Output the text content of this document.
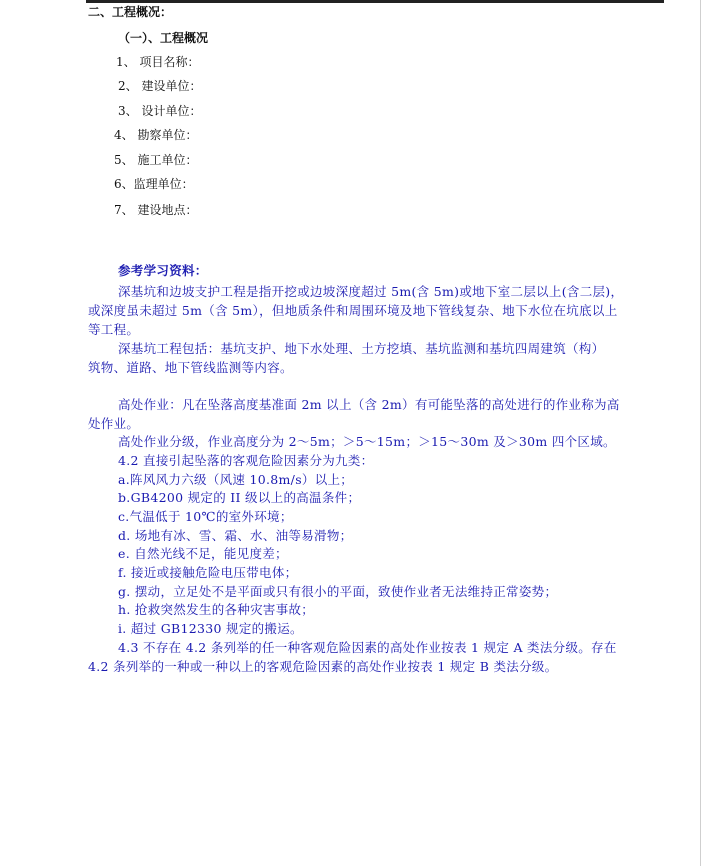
二、工程概况：
（一）、工程概况
1、 项目名称：
2、 建设单位：
3、 设计单位：
4、 勘察单位：
5、 施工单位：
6、监理单位：
7、 建设地点：
参考学习资料：
深基坑和边坡支护工程是指开挖或边坡深度超过 5m(含 5m)或地下室二层以上(含二层)，
或深度虽未超过 5m（含 5m），但地质条件和周围环境及地下管线复杂、地下水位在坑底以上
等工程。
深基坑工程包括：基坑支护、地下水处理、土方挖填、基坑监测和基坑四周建筑（构）
筑物、道路、地下管线监测等内容。
高处作业：凡在坠落高度基准面 2m 以上（含 2m）有可能坠落的高处进行的作业称为高
处作业。
高处作业分级，作业高度分为 2～5m；＞5～15m；＞15～30m 及＞30m 四个区域。
4.2 直接引起坠落的客观危险因素分为九类：
a.阵风风力六级（风速 10.8m/s）以上；
b.GB4200 规定的 II 级以上的高温条件；
c.气温低于 10℃的室外环境；
d. 场地有冰、雪、霜、水、油等易滑物；
e. 自然光线不足，能见度差；
f. 接近或接触危险电压带电体；
g. 摆动，立足处不是平面或只有很小的平面，致使作业者无法维持正常姿势；
h. 抢救突然发生的各种灾害事故；
i. 超过 GB12330 规定的搬运。
4.3 不存在 4.2 条列举的任一种客观危险因素的高处作业按表 1 规定 A 类法分级。存在
4.2 条列举的一种或一种以上的客观危险因素的高处作业按表 1 规定 B 类法分级。
